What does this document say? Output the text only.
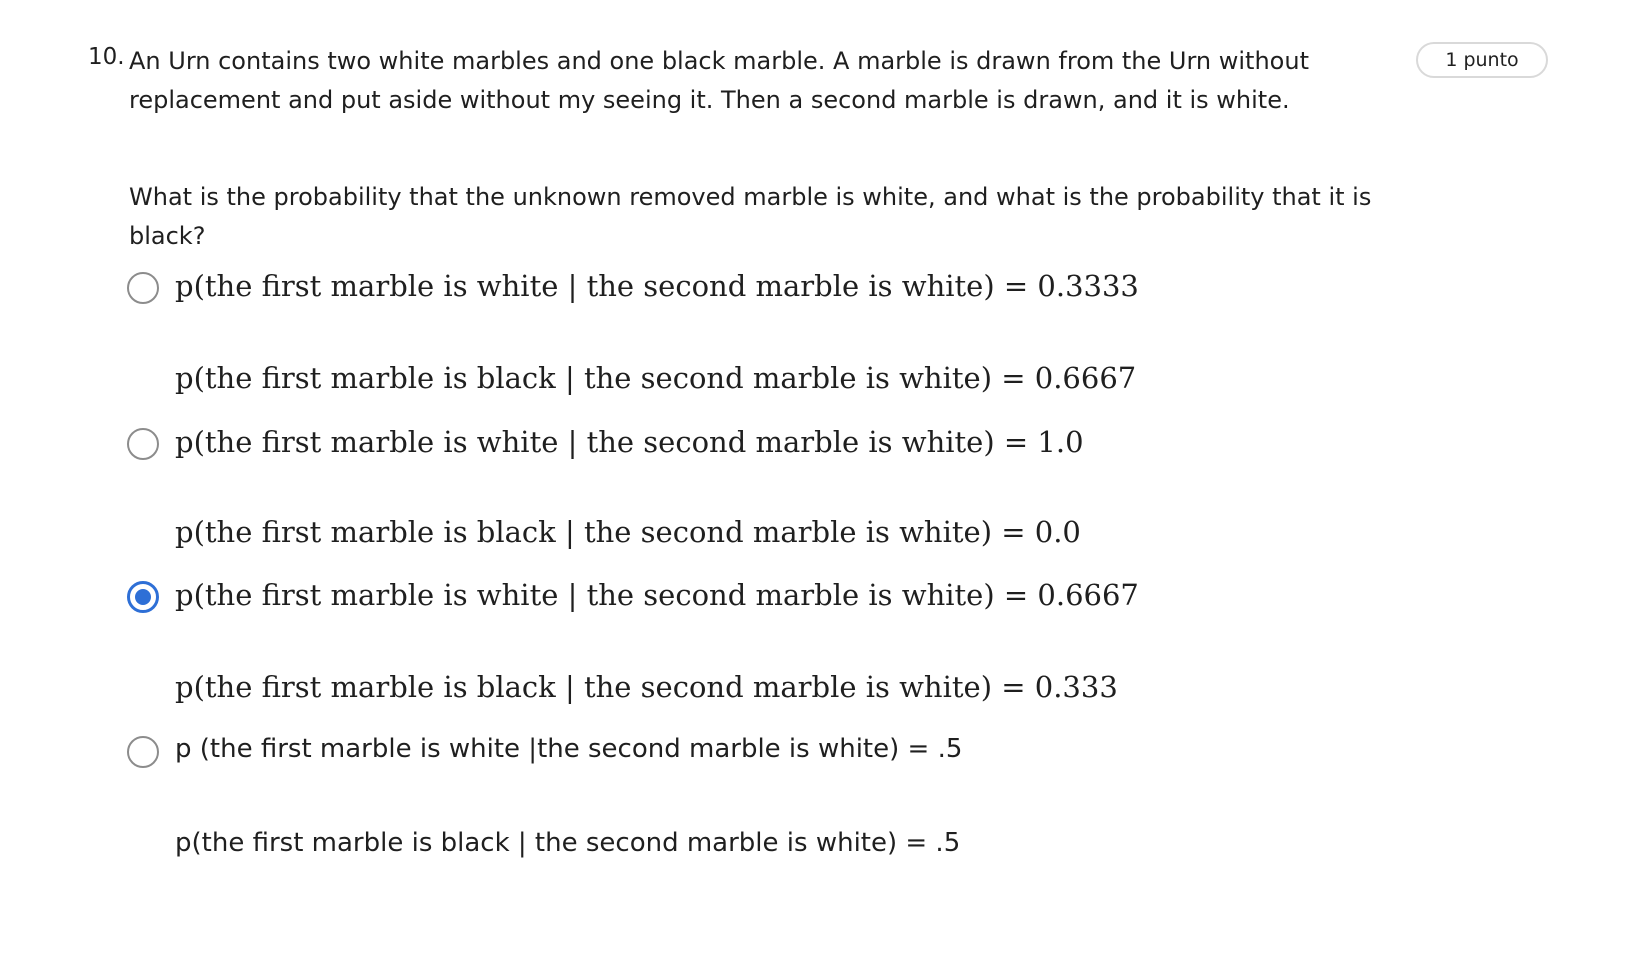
10. An Urn contains two white marbles and one black marble. A marble is drawn from the Urn without replacement and put aside without my seeing it. Then a second marble is drawn, and it is white.
1 punto
What is the probability that the unknown removed marble is white, and what is the probability that it is black?
p(the first marble is white | the second marble is white) = 0.3333
p(the first marble is black | the second marble is white) = 0.6667
p(the first marble is white | the second marble is white) = 1.0
p(the first marble is black | the second marble is white) = 0.0
p(the first marble is white | the second marble is white) = 0.6667
p(the first marble is black | the second marble is white) = 0.333
p (the first marble is white |the second marble is white) = .5
p(the first marble is black | the second marble is white) = .5
